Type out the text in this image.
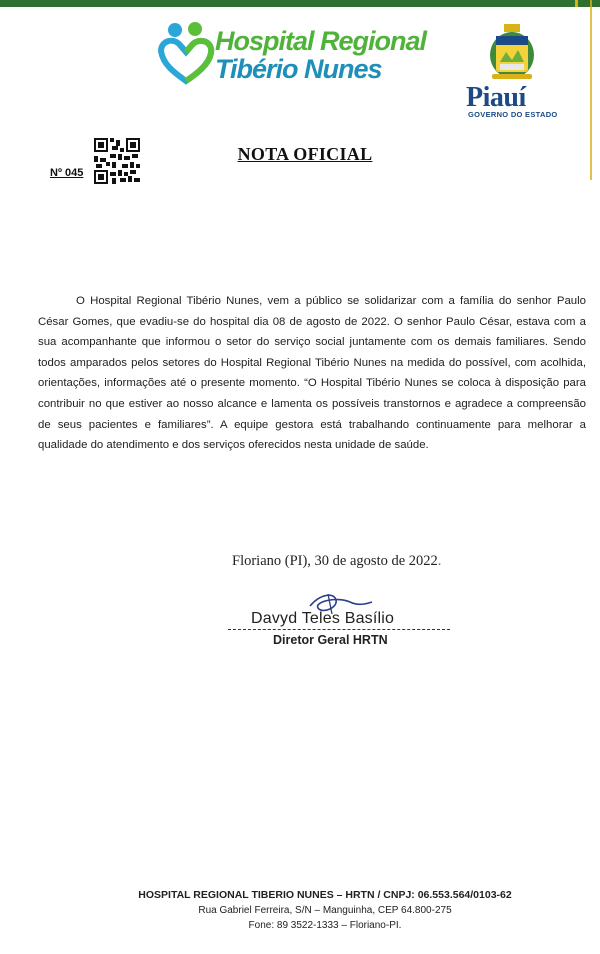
Hospital Regional
Tibério Nunes
Piauí
GOVERNO DO ESTADO
Nº 045
NOTA OFICIAL
O Hospital Regional Tibério Nunes, vem a público se solidarizar com a família do senhor Paulo César Gomes, que evadiu-se do hospital dia 08 de agosto de 2022. O senhor Paulo César, estava com a sua acompanhante que informou o setor do serviço social juntamente com os demais familiares. Sendo todos amparados pelos setores do Hospital Regional Tibério Nunes na medida do possível, com acolhida, orientações, informações até o presente momento. “O Hospital Tibério Nunes se coloca à disposição para contribuir no que estiver ao nosso alcance e lamenta os possíveis transtornos e agradece a compreensão de seus pacientes e familiares”. A equipe gestora está trabalhando continuamente para melhorar a qualidade do atendimento e dos serviços oferecidos nesta unidade de saúde.
Floriano (PI), 30 de agosto de 2022.
Davyd Teles Basílio
Diretor Geral HRTN
HOSPITAL REGIONAL TIBERIO NUNES – HRTN / CNPJ: 06.553.564/0103-62
Rua Gabriel Ferreira, S/N – Manguinha, CEP 64.800-275
Fone: 89 3522-1333 – Floriano-PI.
